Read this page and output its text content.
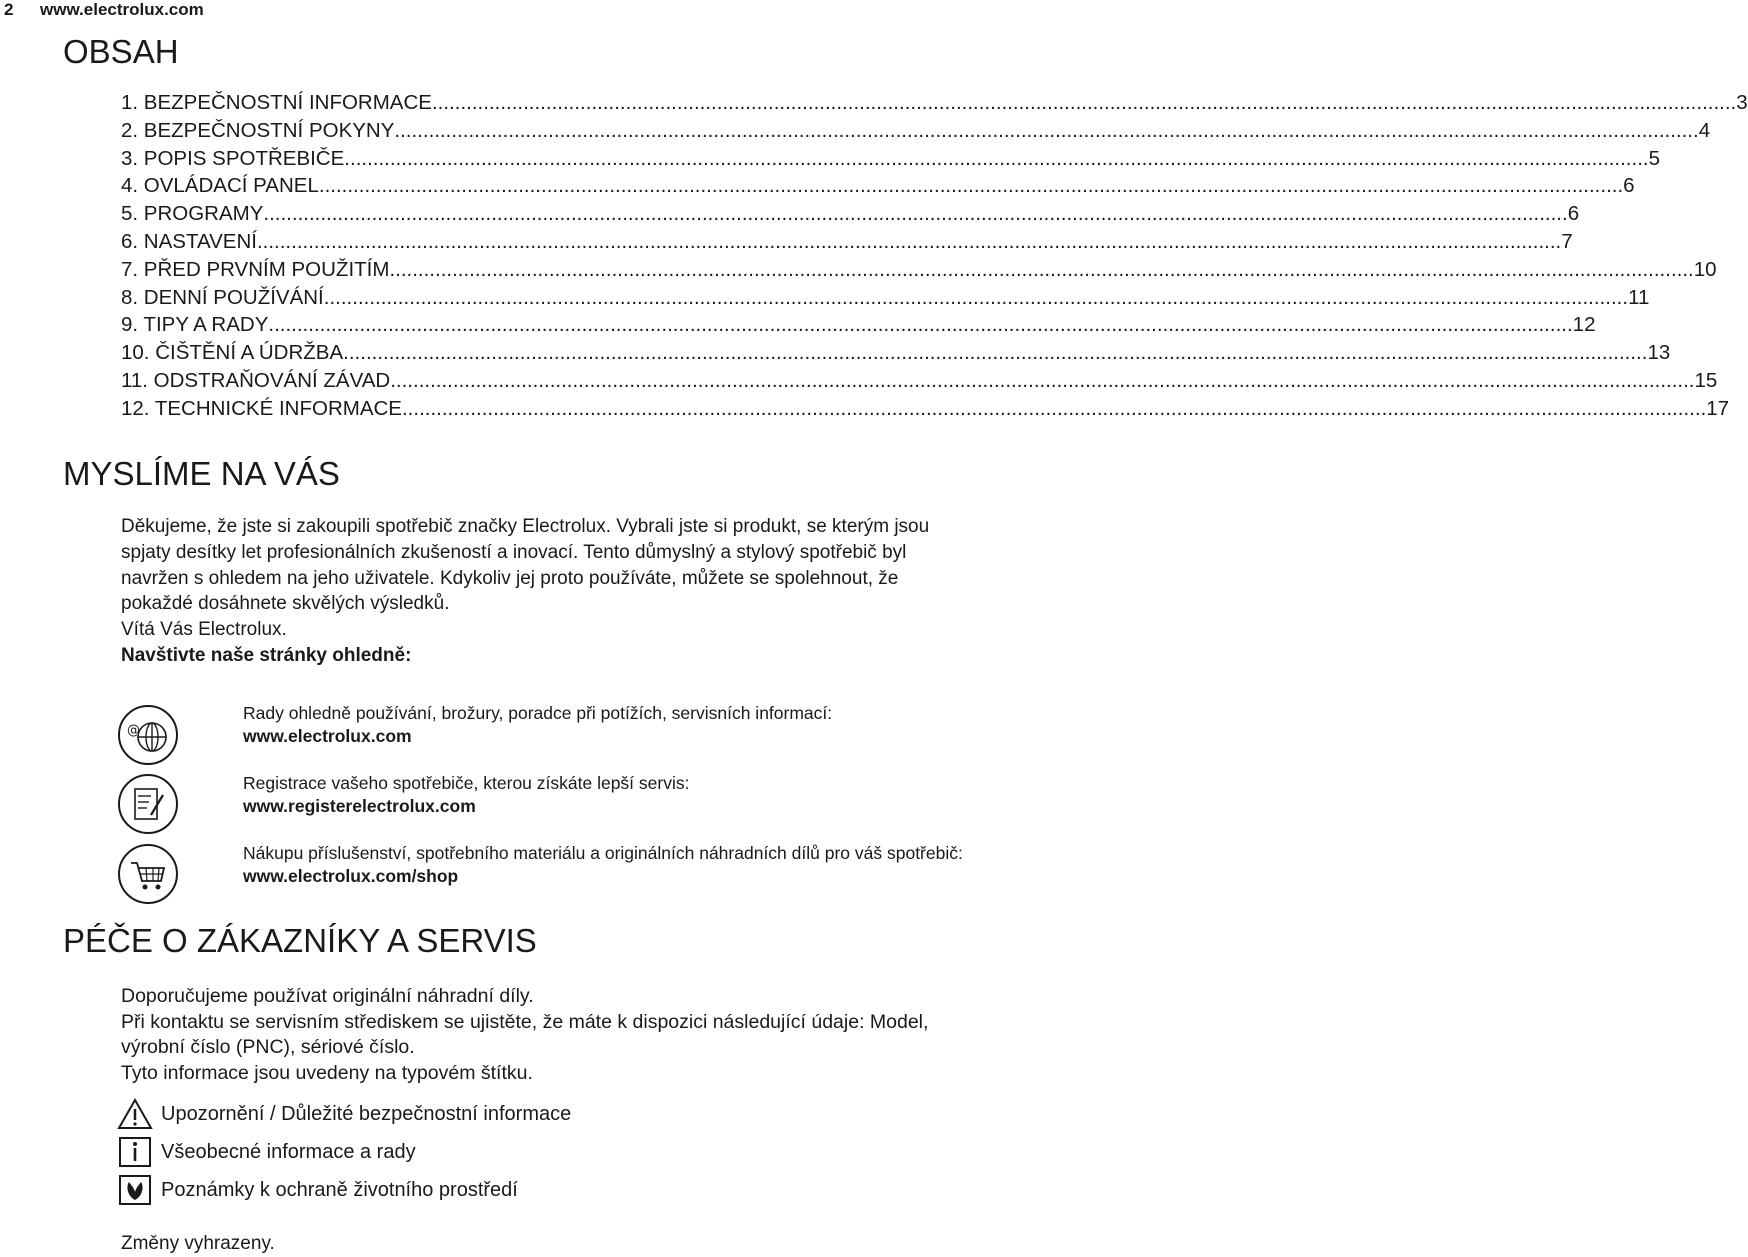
2 www.electrolux.com
OBSAH
1. BEZPEČNOSTNÍ INFORMACE .....	3
2. BEZPEČNOSTNÍ POKYNY .....	4
3. POPIS SPOTŘEBIČE .....	5
4. OVLÁDACÍ PANEL .....	6
5. PROGRAMY .....	6
6. NASTAVENÍ .....	7
7. PŘED PRVNÍM POUŽITÍM .....	10
8. DENNÍ POUŽÍVÁNÍ .....	11
9. TIPY A RADY .....	12
10. ČIŠTĚNÍ A ÚDRŽBA .....	13
11. ODSTRAŇOVÁNÍ ZÁVAD .....	15
12. TECHNICKÉ INFORMACE .....	17
MYSLÍME NA VÁS

Děkujeme, že jste si zakoupili spotřebič značky Electrolux. Vybrali jste si produkt, se kterým jsou spjaty desítky let profesionálních zkušeností a inovací. Tento důmyslný a stylový spotřebič byl navržen s ohledem na jeho uživatele. Kdykoliv jej proto používáte, můžete se spolehnout, že pokaždé dosáhnete skvělých výsledků.

Vítá Vás Electrolux.

Navštivte naše stránky ohledně:

@
Rady ohledně používání, brožury, poradce při potížích, servisních informací:
www.electrolux.com
Registrace vašeho spotřebiče, kterou získáte lepší servis:
www.registerelectrolux.com
Nákupu příslušenství, spotřebního materiálu a originálních náhradních dílů pro váš spotřebič:
www.electrolux.com/shop
PÉČE O ZÁKAZNÍKY A SERVIS

Doporučujeme používat originální náhradní díly.

Při kontaktu se servisním střediskem se ujistěte, že máte k dispozici následující údaje: Model, výrobní číslo (PNC), sériové číslo.

Tyto informace jsou uvedeny na typovém štítku.

Upozornění / Důležité bezpečnostní informace
Všeobecné informace a rady
Poznámky k ochraně životního prostředí
Změny vyhrazeny.
